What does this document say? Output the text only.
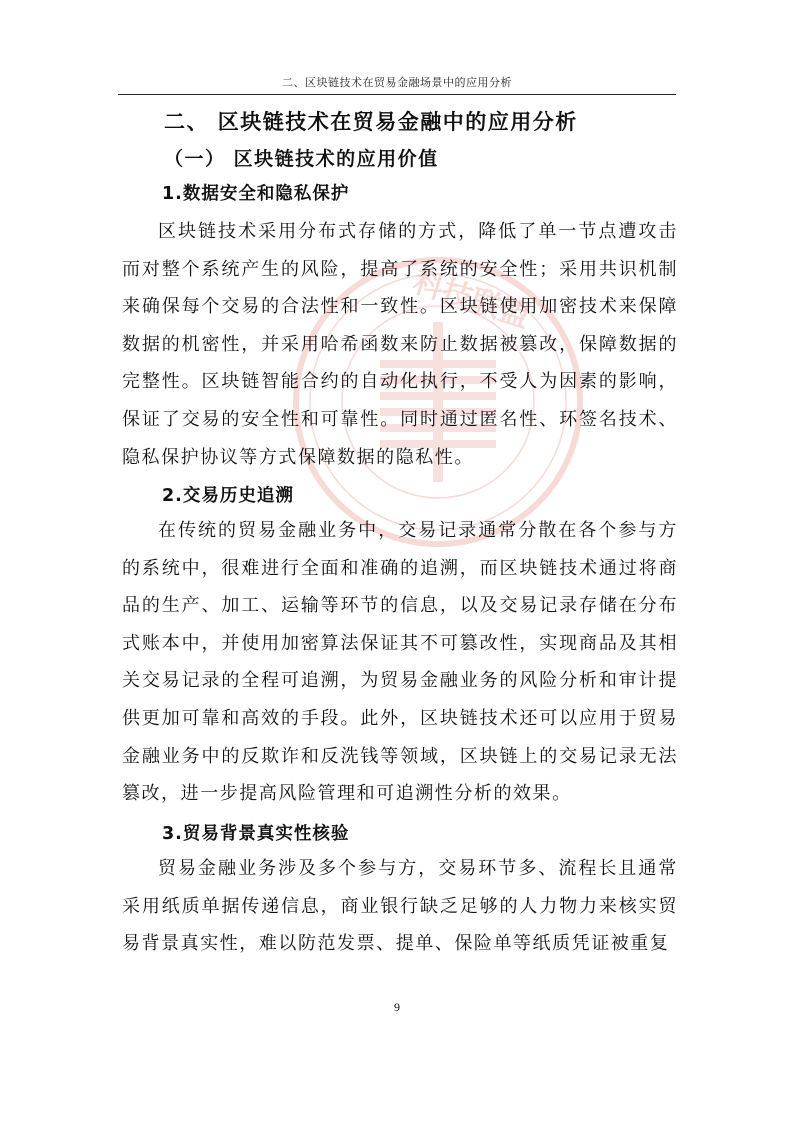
二、区块链技术在贸易金融场景中的应用分析
科技联盟
二、 区块链技术在贸易金融中的应用分析
（一） 区块链技术的应用价值
1.数据安全和隐私保护
区块链技术采用分布式存储的方式，降低了单一节点遭攻击而对整个系统产生的风险，提高了系统的安全性；采用共识机制来确保每个交易的合法性和一致性。区块链使用加密技术来保障数据的机密性，并采用哈希函数来防止数据被篡改，保障数据的完整性。区块链智能合约的自动化执行，不受人为因素的影响，保证了交易的安全性和可靠性。同时通过匿名性、环签名技术、隐私保护协议等方式保障数据的隐私性。
2.交易历史追溯
在传统的贸易金融业务中，交易记录通常分散在各个参与方的系统中，很难进行全面和准确的追溯，而区块链技术通过将商品的生产、加工、运输等环节的信息，以及交易记录存储在分布式账本中，并使用加密算法保证其不可篡改性，实现商品及其相关交易记录的全程可追溯，为贸易金融业务的风险分析和审计提供更加可靠和高效的手段。此外，区块链技术还可以应用于贸易金融业务中的反欺诈和反洗钱等领域，区块链上的交易记录无法篡改，进一步提高风险管理和可追溯性分析的效果。
3.贸易背景真实性核验
贸易金融业务涉及多个参与方，交易环节多、流程长且通常采用纸质单据传递信息，商业银行缺乏足够的人力物力来核实贸易背景真实性，难以防范发票、提单、保险单等纸质凭证被重复
9
